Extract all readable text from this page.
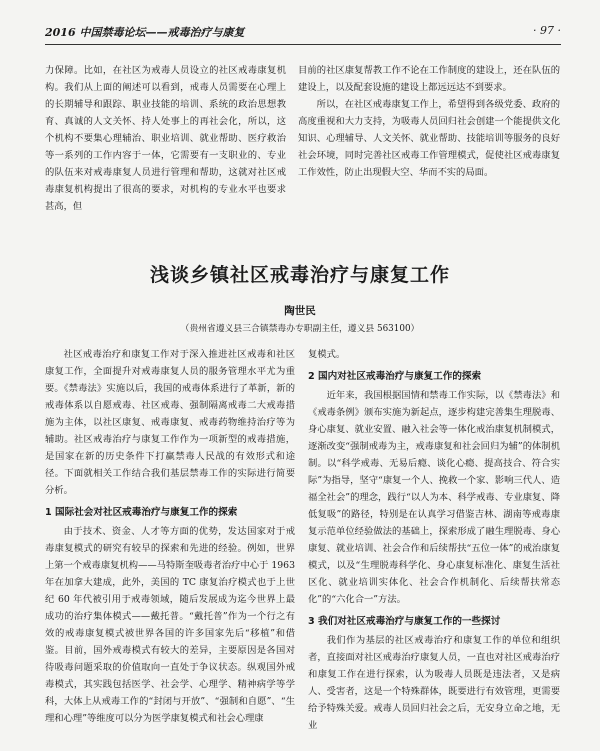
2016 中国禁毒论坛——戒毒治疗与康复	· 97 ·

力保障。比如，在社区为戒毒人员设立的社区戒毒康复机构。我们从上面的阐述可以看到，戒毒人员需要在心理上的长期辅导和跟踪、职业技能的培训、系统的政治思想教育、真诚的人文关怀、持人处事上的再社会化，所以，这个机构不要集心理辅治、职业培训、就业帮助、医疗救治等一系列的工作内容于一体，它需要有一支职业的、专业的队伍来对戒毒康复人员进行管理和帮助，这就对社区戒毒康复机构提出了很高的要求，对机构的专业水平也要求甚高，但

目前的社区康复帮教工作不论在工作制度的建设上，还在队伍的建设上，以及配套设施的建设上都远远达不到要求。

所以，在社区戒毒康复工作上，希望得到各级党委、政府的高度重视和大力支持，为吸毒人员回归社会创建一个能提供文化知识、心理辅导、人文关怀、就业帮助、技能培训等服务的良好社会环境，同时完善社区戒毒工作管理模式，促使社区戒毒康复工作效性，防止出现假大空、华而不实的局面。

浅谈乡镇社区戒毒治疗与康复工作
陶世民
（贵州省遵义县三合镇禁毒办专职副主任，遵义县 563100）

社区戒毒治疗和康复工作对于深入推进社区戒毒和社区康复工作，全面提升对戒毒康复人员的服务管理水平尤为重要。《禁毒法》实施以后，我国的戒毒体系进行了革新，新的戒毒体系以自愿戒毒、社区戒毒、强制隔离戒毒二大戒毒措施为主体，以社区康复、戒毒康复、戒毒药物维持治疗等为辅助。社区戒毒治疗与康复工作作为一项新型的戒毒措施，是国家在新的历史条件下打赢禁毒人民战的有效形式和途径。下面就相关工作结合我们基层禁毒工作的实际进行简要分析。

1 国际社会对社区戒毒治疗与康复工作的探索

由于技术、资金、人才等方面的优势，发达国家对于戒毒康复模式的研究有较早的探索和先进的经验。例如，世界上第一个戒毒康复机构——马特斯奎吸毒者治疗中心于 1963 年在加拿大建成，此外，美国的 TC 康复治疗模式也于上世纪 60 年代被引用于戒毒领域，随后发展成为迄今世界上最成功的治疗集体模式——戴托普。“戴托普”作为一个行之有效的戒毒康复模式被世界各国的许多国家先后“移植”和借鉴。目前，国外戒毒模式有较大的差异，主要原因是各国对待吸毒问题采取的价值取向一直处于争议状态。纵观国外戒毒模式，其实践包括医学、社会学、心理学、精神病学等学科，大体上从戒毒工作的“封闭与开放”、“强制和自愿”、“生理和心理”等维度可以分为医学康复模式和社会心理康

复模式。

2 国内对社区戒毒治疗与康复工作的探索

近年来，我国根据国情和禁毒工作实际，以《禁毒法》和《戒毒条例》颁布实施为新起点，逐步构建完善集生理脱毒、身心康复、就业安置、融入社会等一体化戒治康复机制模式，逐渐改变“强制戒毒为主，戒毒康复和社会回归为辅”的体制机制。以“科学戒毒、无易后瘾、谈化心瘾、提高技合、符合实际”为指导，坚守“康复一个人、挽救一个家、影响三代人、造福全社会”的理念，践行“以人为本、科学戒毒、专业康复、降低复吸”的路径，特别是在认真学习借鉴吉林、湖南等戒毒康复示范单位经验做法的基础上，探索形成了融生理脱毒、身心康复、就业培训、社会合作和后续帮扶“五位一体”的戒治康复模式，以及“生理脱毒科学化、身心康复标准化、康复生活社区化、就业培训实体化、社会合作机制化、后续帮扶常态化”的“六化合一”方法。

3 我们对社区戒毒治疗与康复工作的一些探讨

我们作为基层的社区戒毒治疗和康复工作的单位和组织者，直接面对社区戒毒治疗康复人员，一直也对社区戒毒治疗和康复工作在进行探索，认为吸毒人员既是违法者，又是病人、受害者，这是一个特殊群体，既要进行有效管理，更需要给予特殊关爱。戒毒人员回归社会之后，无安身立命之地，无业
